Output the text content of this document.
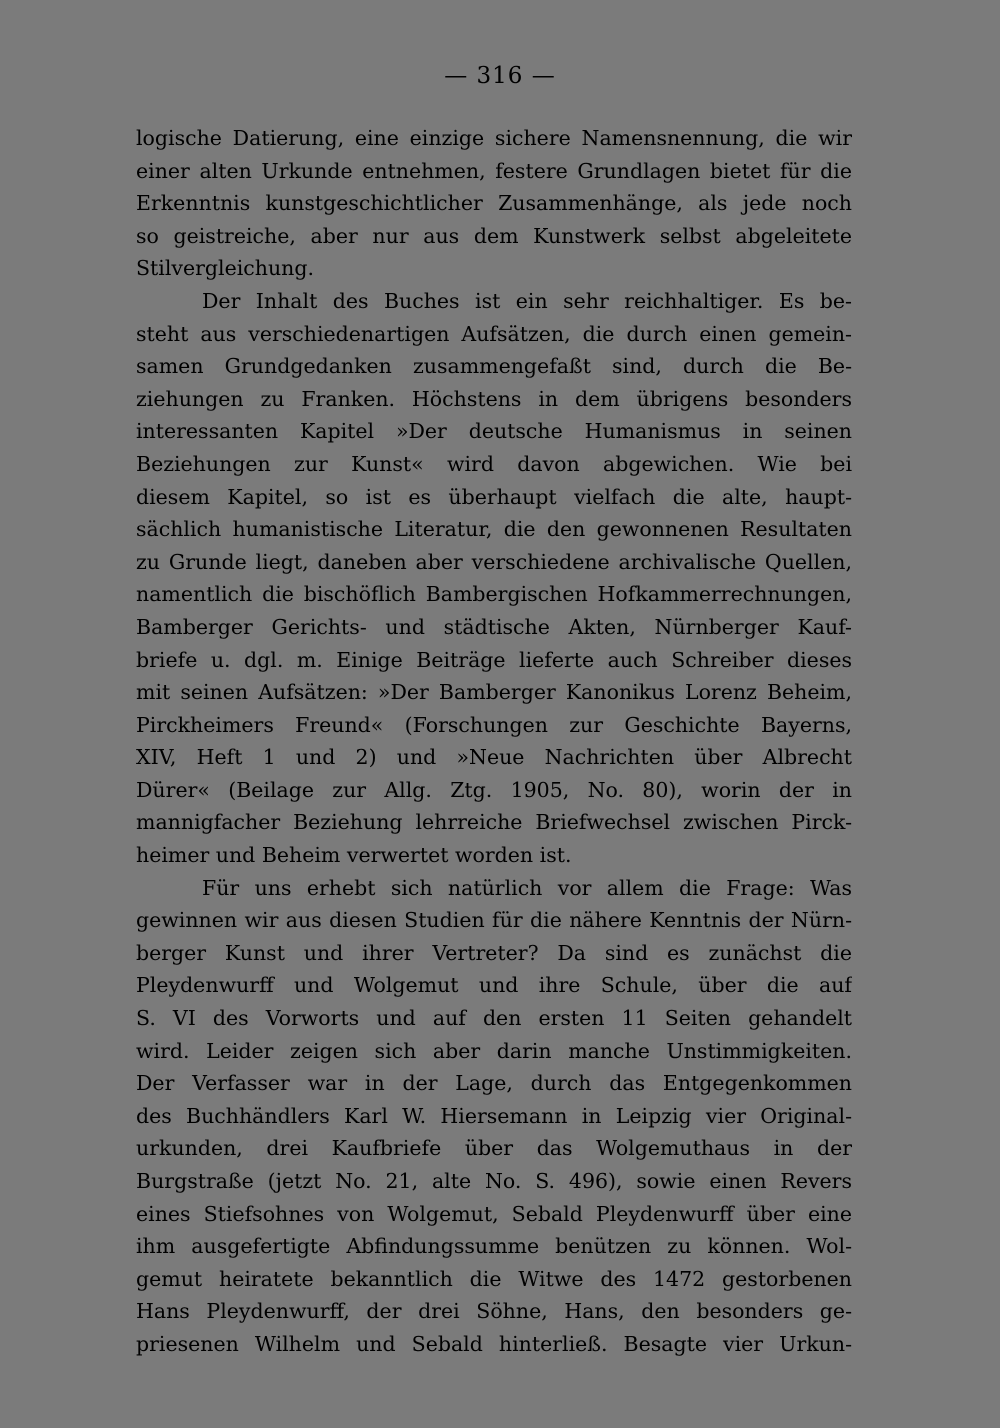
— 316 —
logische Datierung, eine einzige sichere Namensnennung, die wir
einer alten Urkunde entnehmen, festere Grundlagen bietet für die
Erkenntnis kunstgeschichtlicher Zusammenhänge, als jede noch
so geistreiche, aber nur aus dem Kunstwerk selbst abgeleitete
Stilvergleichung.
Der Inhalt des Buches ist ein sehr reichhaltiger. Es be-
steht aus verschiedenartigen Aufsätzen, die durch einen gemein-
samen Grundgedanken zusammengefaßt sind, durch die Be-
ziehungen zu Franken. Höchstens in dem übrigens besonders
interessanten Kapitel »Der deutsche Humanismus in seinen
Beziehungen zur Kunst« wird davon abgewichen. Wie bei
diesem Kapitel, so ist es überhaupt vielfach die alte, haupt-
sächlich humanistische Literatur, die den gewonnenen Resultaten
zu Grunde liegt, daneben aber verschiedene archivalische Quellen,
namentlich die bischöflich Bambergischen Hofkammerrechnungen,
Bamberger Gerichts- und städtische Akten, Nürnberger Kauf-
briefe u. dgl. m. Einige Beiträge lieferte auch Schreiber dieses
mit seinen Aufsätzen: »Der Bamberger Kanonikus Lorenz Beheim,
Pirckheimers Freund« (Forschungen zur Geschichte Bayerns,
XIV, Heft 1 und 2) und »Neue Nachrichten über Albrecht
Dürer« (Beilage zur Allg. Ztg. 1905, No. 80), worin der in
mannigfacher Beziehung lehrreiche Briefwechsel zwischen Pirck-
heimer und Beheim verwertet worden ist.
Für uns erhebt sich natürlich vor allem die Frage: Was
gewinnen wir aus diesen Studien für die nähere Kenntnis der Nürn-
berger Kunst und ihrer Vertreter? Da sind es zunächst die
Pleydenwurff und Wolgemut und ihre Schule, über die auf
S. VI des Vorworts und auf den ersten 11 Seiten gehandelt
wird. Leider zeigen sich aber darin manche Unstimmigkeiten.
Der Verfasser war in der Lage, durch das Entgegenkommen
des Buchhändlers Karl W. Hiersemann in Leipzig vier Original-
urkunden, drei Kaufbriefe über das Wolgemuthaus in der
Burgstraße (jetzt No. 21, alte No. S. 496), sowie einen Revers
eines Stiefsohnes von Wolgemut, Sebald Pleydenwurff über eine
ihm ausgefertigte Abfindungssumme benützen zu können. Wol-
gemut heiratete bekanntlich die Witwe des 1472 gestorbenen
Hans Pleydenwurff, der drei Söhne, Hans, den besonders ge-
priesenen Wilhelm und Sebald hinterließ. Besagte vier Urkun-
